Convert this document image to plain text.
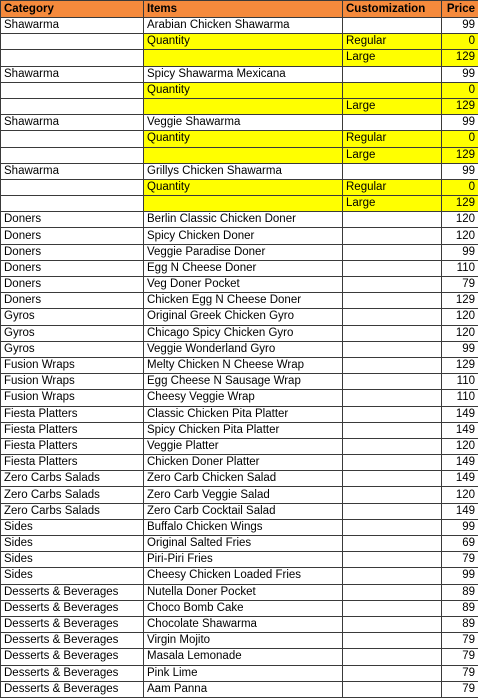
Category	Items	Customization	Price
Shawarma	Arabian Chicken Shawarma		99
	Quantity	Regular	0
		Large	129
Shawarma	Spicy Shawarma Mexicana		99
	Quantity		0
		Large	129
Shawarma	Veggie Shawarma		99
	Quantity	Regular	0
		Large	129
Shawarma	Grillys Chicken Shawarma		99
	Quantity	Regular	0
		Large	129
Doners	Berlin Classic Chicken Doner		120
Doners	Spicy Chicken Doner		120
Doners	Veggie Paradise Doner		99
Doners	Egg N Cheese Doner		110
Doners	Veg Doner Pocket		79
Doners	Chicken Egg N Cheese Doner		129
Gyros	Original Greek Chicken Gyro		120
Gyros	Chicago Spicy Chicken Gyro		120
Gyros	Veggie Wonderland Gyro		99
Fusion Wraps	Melty Chicken N Cheese Wrap		129
Fusion Wraps	Egg Cheese N Sausage Wrap		110
Fusion Wraps	Cheesy Veggie Wrap		110
Fiesta Platters	Classic Chicken Pita Platter		149
Fiesta Platters	Spicy Chicken Pita Platter		149
Fiesta Platters	Veggie Platter		120
Fiesta Platters	Chicken Doner Platter		149
Zero Carbs Salads	Zero Carb Chicken Salad		149
Zero Carbs Salads	Zero Carb Veggie Salad		120
Zero Carbs Salads	Zero Carb Cocktail Salad		149
Sides	Buffalo Chicken Wings		99
Sides	Original Salted Fries		69
Sides	Piri-Piri Fries		79
Sides	Cheesy Chicken Loaded Fries		99
Desserts & Beverages	Nutella Doner Pocket		89
Desserts & Beverages	Choco Bomb Cake		89
Desserts & Beverages	Chocolate Shawarma		89
Desserts & Beverages	Virgin Mojito		79
Desserts & Beverages	Masala Lemonade		79
Desserts & Beverages	Pink Lime		79
Desserts & Beverages	Aam Panna		79
